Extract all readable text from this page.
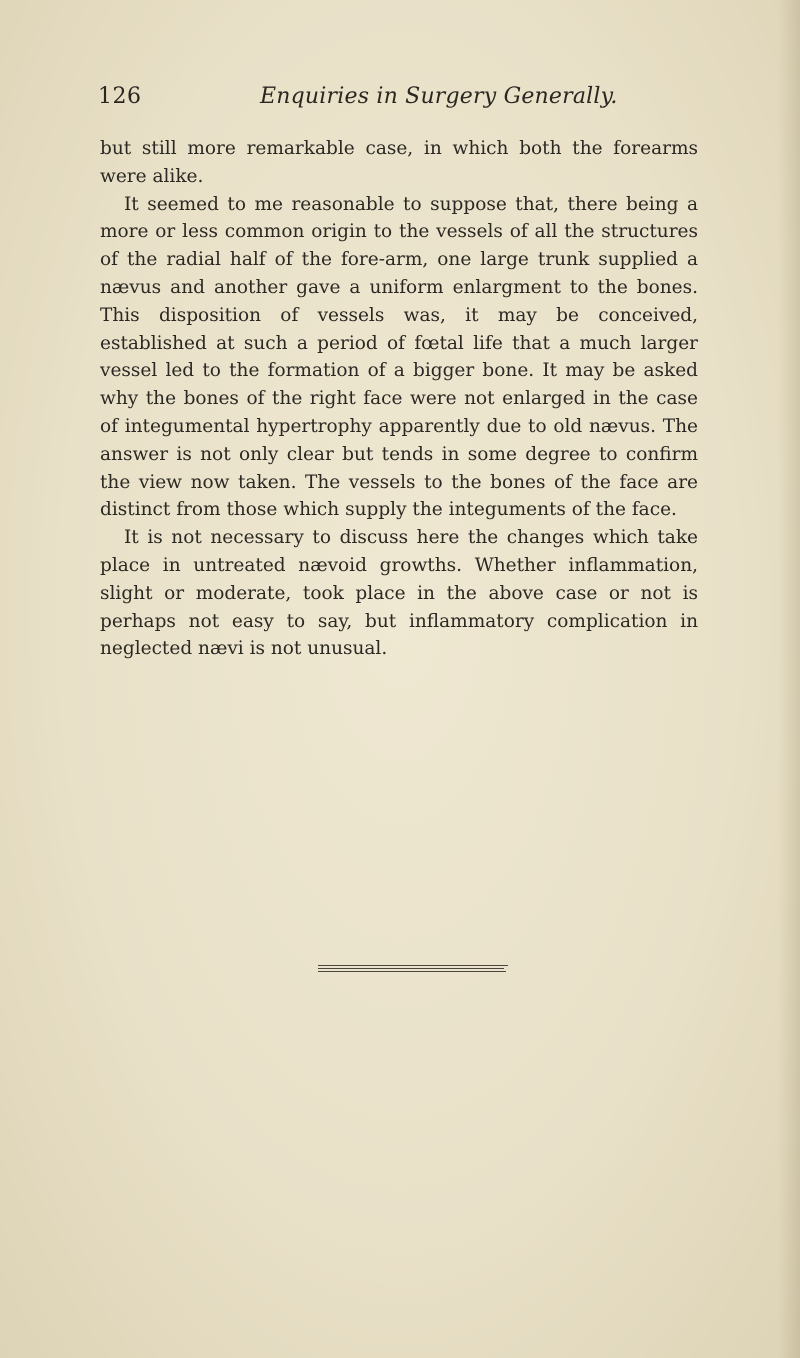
126	Enquiries in Surgery Generally.

but still more remarkable case, in which both the forearms were alike.

It seemed to me reasonable to suppose that, there being a more or less common origin to the vessels of all the structures of the radial half of the fore-arm, one large trunk supplied a nævus and another gave a uniform enlargment to the bones. This disposition of vessels was, it may be conceived, established at such a period of fœtal life that a much larger vessel led to the formation of a bigger bone. It may be asked why the bones of the right face were not enlarged in the case of integumental hypertrophy apparently due to old nævus. The answer is not only clear but tends in some degree to confirm the view now taken. The vessels to the bones of the face are distinct from those which supply the integuments of the face.

It is not necessary to discuss here the changes which take place in untreated nævoid growths. Whether inflammation, slight or moderate, took place in the above case or not is perhaps not easy to say, but inflammatory complication in neglected nævi is not unusual.
